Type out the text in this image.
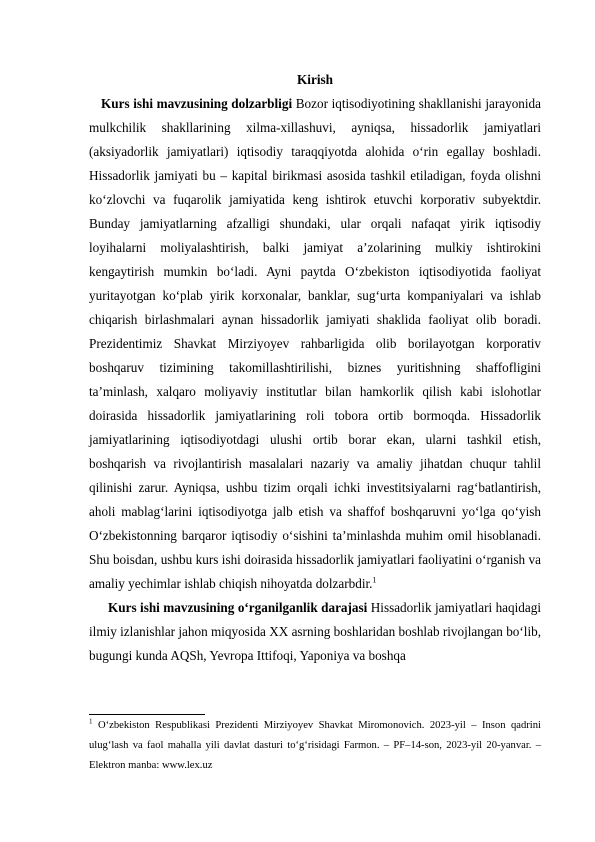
Kirish

Kurs ishi mavzusining dolzarbligi Bozor iqtisodiyotining shakllanishi jarayonida mulkchilik shakllarining xilma-xillashuvi, ayniqsa, hissadorlik jamiyatlari (aksiyadorlik jamiyatlari) iqtisodiy taraqqiyotda alohida o‘rin egallay boshladi. Hissadorlik jamiyati bu – kapital birikmasi asosida tashkil etiladigan, foyda olishni ko‘zlovchi va fuqarolik jamiyatida keng ishtirok etuvchi korporativ subyektdir. Bunday jamiyatlarning afzalligi shundaki, ular orqali nafaqat yirik iqtisodiy loyihalarni moliyalashtirish, balki jamiyat a’zolarining mulkiy ishtirokini kengaytirish mumkin bo‘ladi. Ayni paytda O‘zbekiston iqtisodiyotida faoliyat yuritayotgan ko‘plab yirik korxonalar, banklar, sug‘urta kompaniyalari va ishlab chiqarish birlashmalari aynan hissadorlik jamiyati shaklida faoliyat olib boradi. Prezidentimiz Shavkat Mirziyoyev rahbarligida olib borilayotgan korporativ boshqaruv tizimining takomillashtirilishi, biznes yuritishning shaffofligini ta’minlash, xalqaro moliyaviy institutlar bilan hamkorlik qilish kabi islohotlar doirasida hissadorlik jamiyatlarining roli tobora ortib bormoqda. Hissadorlik jamiyatlarining iqtisodiyotdagi ulushi ortib borar ekan, ularni tashkil etish, boshqarish va rivojlantirish masalalari nazariy va amaliy jihatdan chuqur tahlil qilinishi zarur. Ayniqsa, ushbu tizim orqali ichki investitsiyalarni rag‘batlantirish, aholi mablag‘larini iqtisodiyotga jalb etish va shaffof boshqaruvni yo‘lga qo‘yish O‘zbekistonning barqaror iqtisodiy o‘sishini ta’minlashda muhim omil hisoblanadi. Shu boisdan, ushbu kurs ishi doirasida hissadorlik jamiyatlari faoliyatini o‘rganish va amaliy yechimlar ishlab chiqish nihoyatda dolzarbdir.$^1$

Kurs ishi mavzusining o‘rganilganlik darajasi Hissadorlik jamiyatlari haqidagi ilmiy izlanishlar jahon miqyosida XX asrning boshlaridan boshlab rivojlangan bo‘lib, bugungi kunda AQSh, Yevropa Ittifoqi, Yaponiya va boshqa

$^1$ O‘zbekiston Respublikasi Prezidenti Mirziyoyev Shavkat Miromonovich. 2023-yil – Inson qadrini ulug‘lash va faol mahalla yili davlat dasturi to‘g‘risidagi Farmon. – PF–14-son, 2023-yil 20-yanvar. – Elektron manba: www.lex.uz
